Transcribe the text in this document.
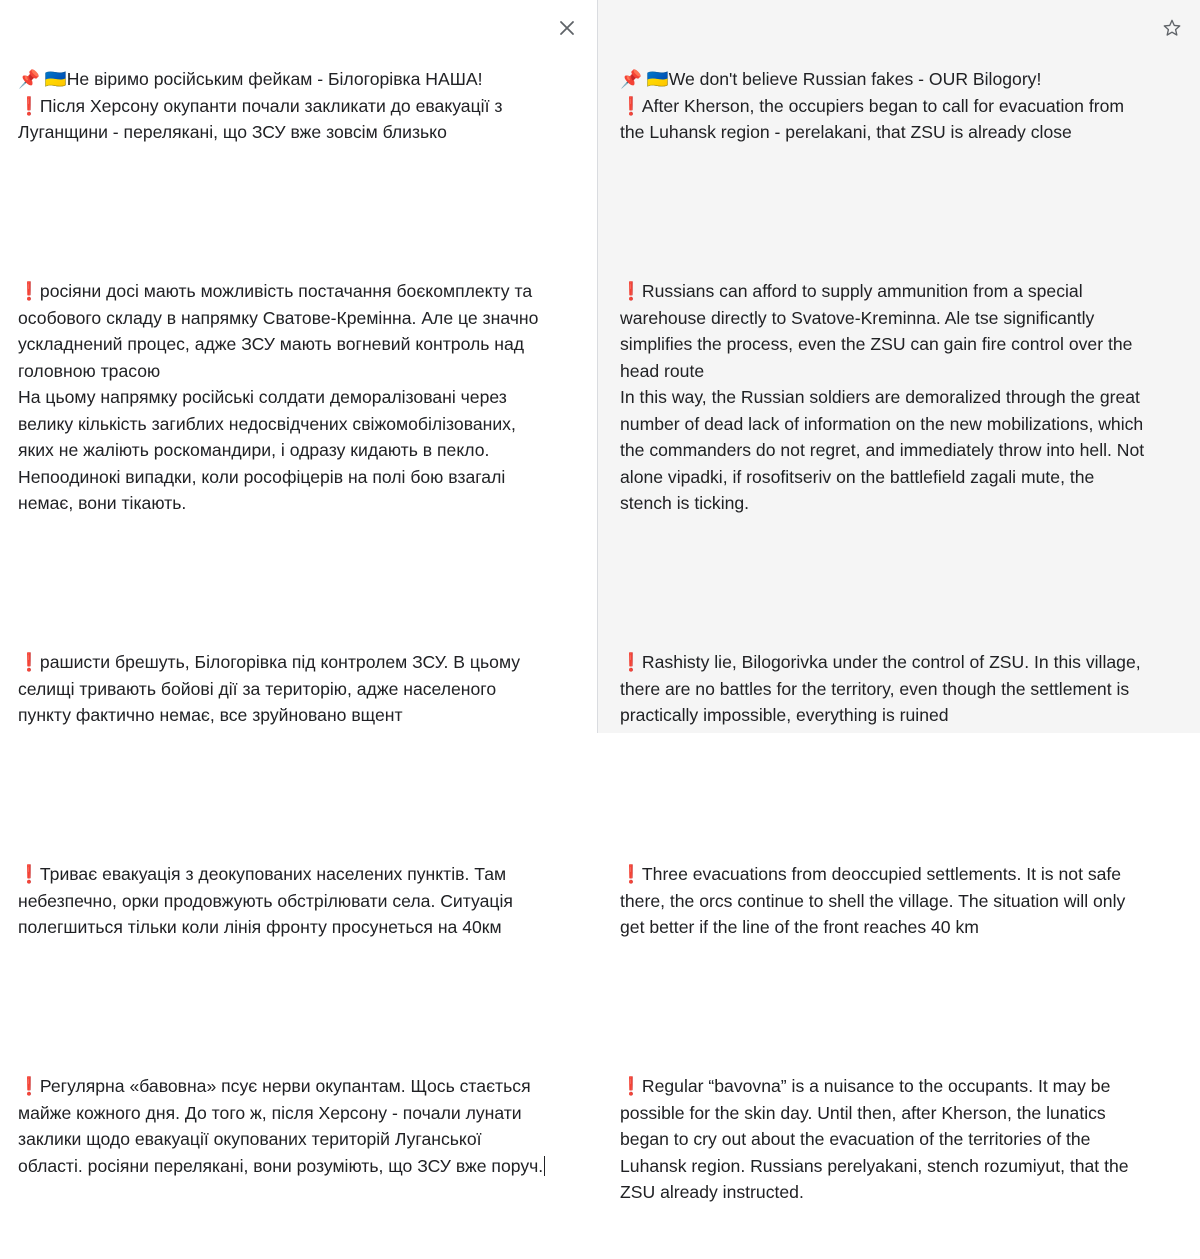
📌 🇺🇦Не віримо російським фейкам - Білогорівка НАША!
❗Після Херсону окупанти почали закликати до евакуації з Луганщини - перелякані, що ЗСУ вже зовсім близько

❗росіяни досі мають можливість постачання боєкомплекту та особового складу в напрямку Сватове-Кремінна. Але це значно ускладнений процес, адже ЗСУ мають вогневий контроль над головною трасою
На цьому напрямку російські солдати деморалізовані через велику кількість загиблих недосвідчених свіжомобілізованих, яких не жаліють роскомандири, і одразу кидають в пекло. Непоодинокі випадки, коли рософіцерів на полі бою взагалі немає, вони тікають.

❗рашисти брешуть, Білогорівка під контролем ЗСУ. В цьому селищі тривають бойові дії за територію, адже населеного пункту фактично немає, все зруйновано вщент

❗Триває евакуація з деокупованих населених пунктів. Там небезпечно, орки продовжують обстрілювати села. Ситуація полегшиться тільки коли лінія фронту просунеться на 40км

❗Регулярна «бавовна» псує нерви окупантам. Щось стається майже кожного дня. До того ж, після Херсону - почали лунати заклики щодо евакуації окупованих територій Луганської області. росіяни перелякані, вони розуміють, що ЗСУ вже поруч.

📌 🇺🇦We don't believe Russian fakes - OUR Bilogory!
❗After Kherson, the occupiers began to call for evacuation from the Luhansk region - perelakani, that ZSU is already close

❗Russians can afford to supply ammunition from a special warehouse directly to Svatove-Kreminna. Ale tse significantly simplifies the process, even the ZSU can gain fire control over the head route
In this way, the Russian soldiers are demoralized through the great number of dead lack of information on the new mobilizations, which the commanders do not regret, and immediately throw into hell. Not alone vipadki, if rosofitseriv on the battlefield zagali mute, the stench is ticking.

❗Rashisty lie, Bilogorivka under the control of ZSU. In this village, there are no battles for the territory, even though the settlement is practically impossible, everything is ruined

❗Three evacuations from deoccupied settlements. It is not safe there, the orcs continue to shell the village. The situation will only get better if the line of the front reaches 40 km

❗Regular “bavovna” is a nuisance to the occupants. It may be possible for the skin day. Until then, after Kherson, the lunatics began to cry out about the evacuation of the territories of the Luhansk region. Russians perelyakani, stench rozumiyut, that the ZSU already instructed.
